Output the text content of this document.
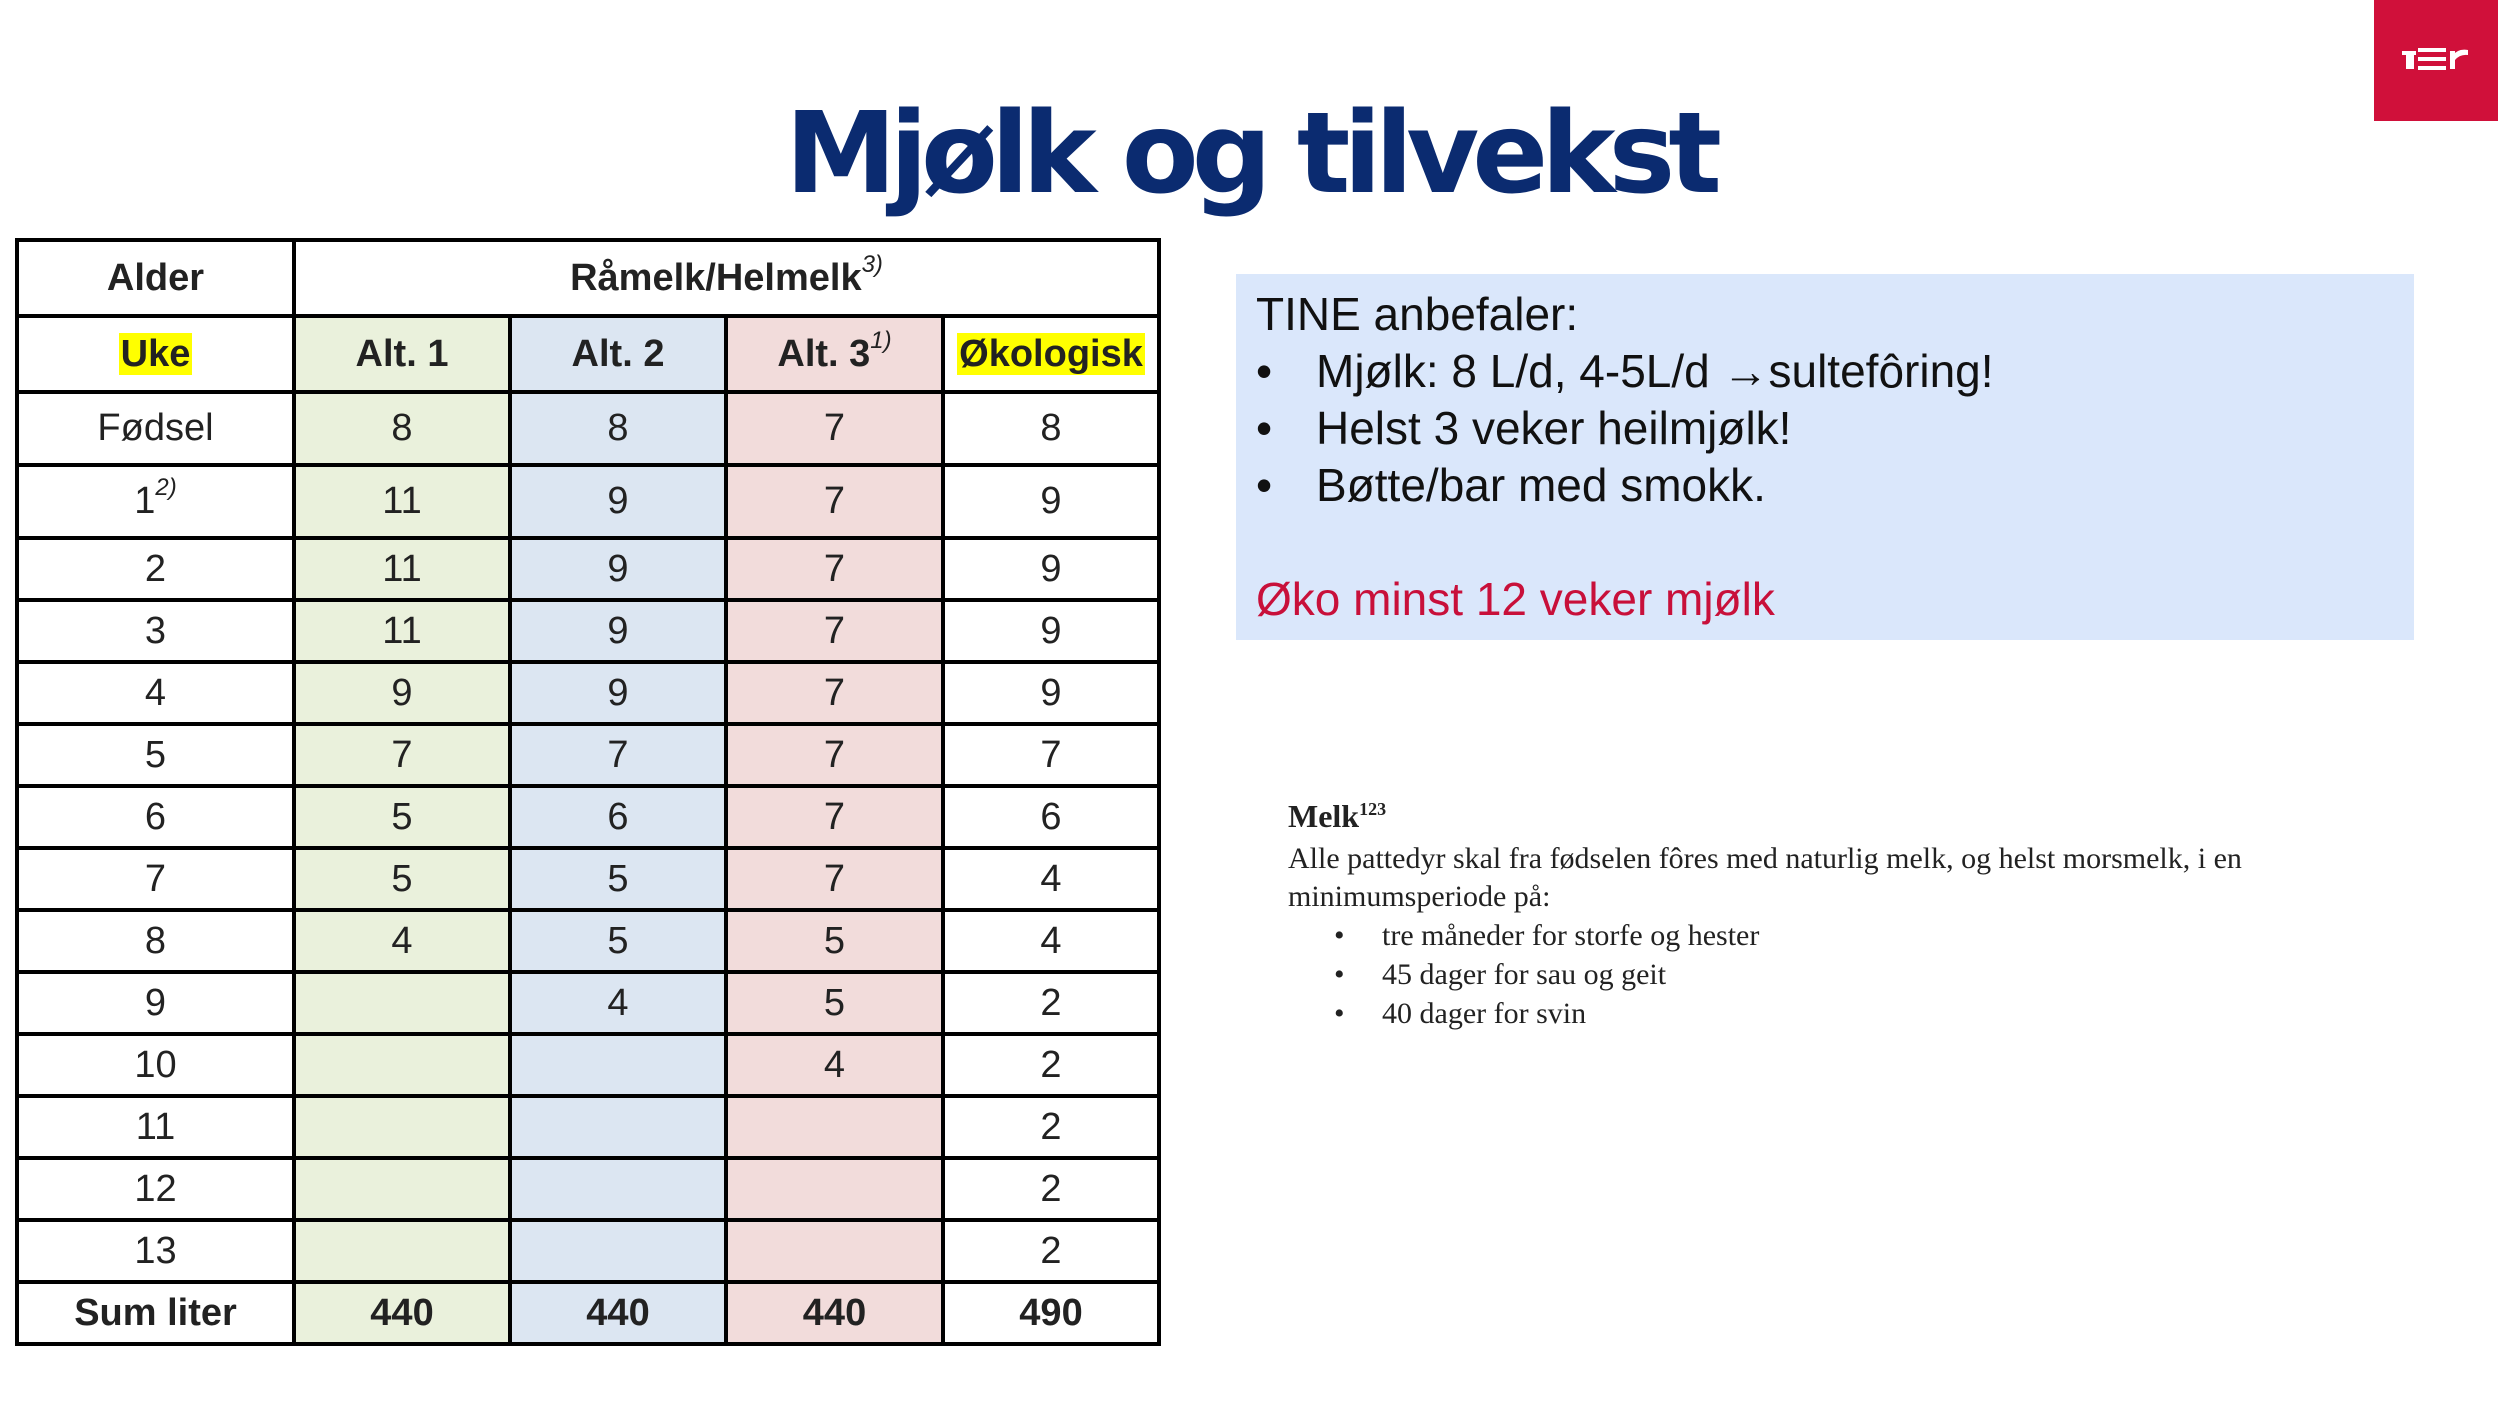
Mjølk og tilvekst
Alder	Råmelk/Helmelk$^{3)}$
Uke	Alt. 1	Alt. 2	Alt. 3$^{1)}$	Økologisk
Fødsel	8	8	7	8
1$^{2)}$	11	9	7	9
2	11	9	7	9
3	11	9	7	9
4	9	9	7	9
5	7	7	7	7
6	5	6	7	6
7	5	5	7	4
8	4	5	5	4
9		4	5	2
10			4	2
11				2
12				2
13				2
Sum liter	440	440	440	490
TINE anbefaler:
• Mjølk: 8 L/d, 4-5L/d →sultefôring!
• Helst 3 veker heilmjølk!
• Bøtte/bar med smokk.
Øko minst 12 veker mjølk
Melk$^{123}$
Alle pattedyr skal fra fødselen fôres med naturlig melk, og helst morsmelk, i en minimumsperiode på:
• tre måneder for storfe og hester
• 45 dager for sau og geit
• 40 dager for svin
